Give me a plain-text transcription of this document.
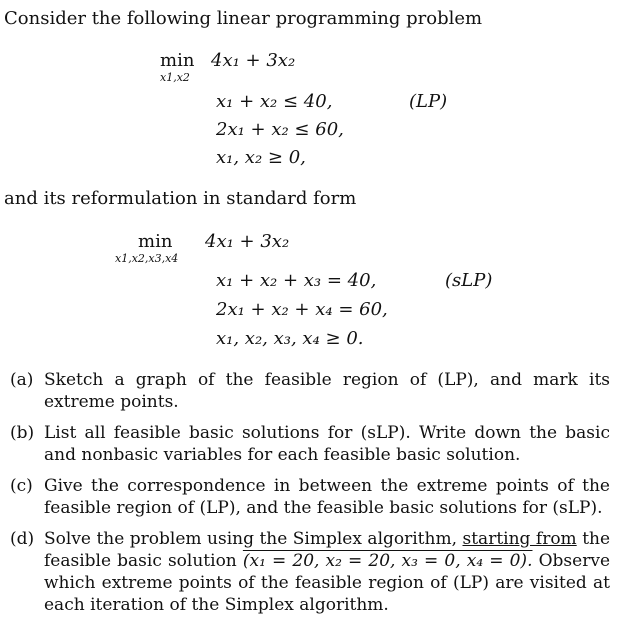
Consider the following linear programming problem
min
x1,x2
4x₁ + 3x₂
x₁ + x₂ ≤ 40,
2x₁ + x₂ ≤ 60,
x₁, x₂ ≥ 0,
(LP)
and its reformulation in standard form
min
x1,x2,x3,x4
4x₁ + 3x₂
x₁ + x₂ + x₃ = 40,
2x₁ + x₂ + x₄ = 60,
x₁, x₂, x₃, x₄ ≥ 0.
(sLP)
(a) Sketch a graph of the feasible region of (LP), and mark its extreme points.
(b) List all feasible basic solutions for (sLP). Write down the basic and nonbasic variables for each feasible basic solution.
(c) Give the correspondence in between the extreme points of the feasible region of (LP), and the feasible basic solutions for (sLP).
(d) Solve the problem using the Simplex algorithm, starting from the feasible basic solution (x₁ = 20, x₂ = 20, x₃ = 0, x₄ = 0). Observe which extreme points of the feasible region of (LP) are visited at each iteration of the Simplex algorithm.
